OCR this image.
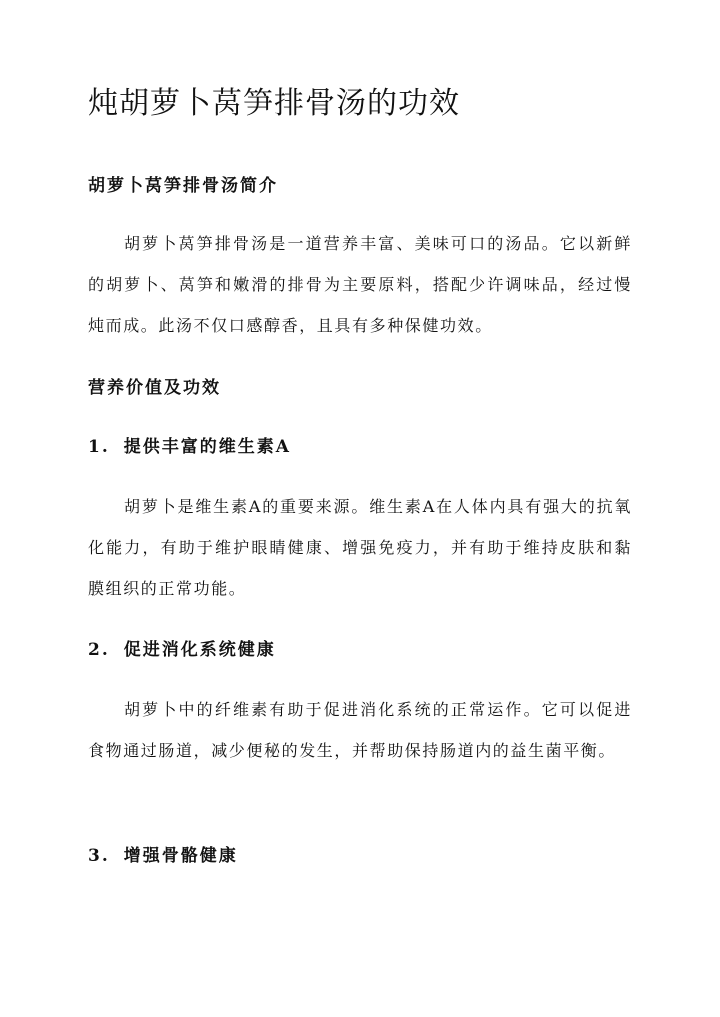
炖胡萝卜莴笋排骨汤的功效
胡萝卜莴笋排骨汤简介

胡萝卜莴笋排骨汤是一道营养丰富、美味可口的汤品。它以新鲜的胡萝卜、莴笋和嫩滑的排骨为主要原料，搭配少许调味品，经过慢炖而成。此汤不仅口感醇香，且具有多种保健功效。

营养价值及功效
1. 提供丰富的维生素A

胡萝卜是维生素A的重要来源。维生素A在人体内具有强大的抗氧化能力，有助于维护眼睛健康、增强免疫力，并有助于维持皮肤和黏膜组织的正常功能。

2. 促进消化系统健康

胡萝卜中的纤维素有助于促进消化系统的正常运作。它可以促进食物通过肠道，减少便秘的发生，并帮助保持肠道内的益生菌平衡。

3. 增强骨骼健康
